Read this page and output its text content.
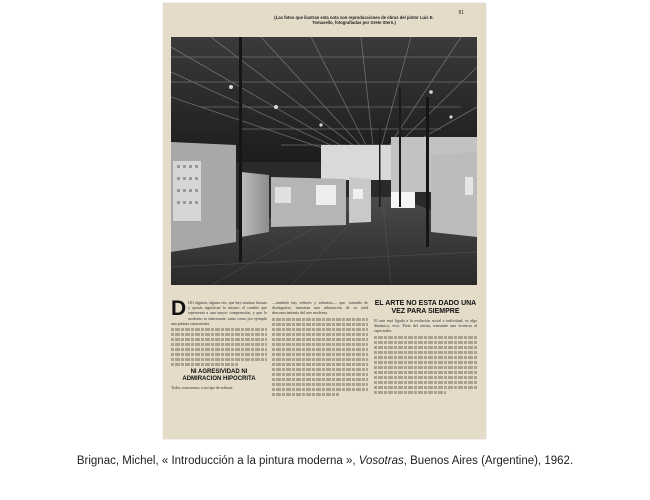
81
(Las fotos que ilustran esta nota son reproducciones de obras del pintor Luis E. Tomasello, fotografiadas por Grete Stern.)
D IJO alguien, alguna vez, que hay muchas formas y quizás significan lo mismo: el cambio que representa a una mayor comprensión, y que lo moderno es interesante, tanto como por ejemplo una pintura renacentista.
NI AGRESIVIDAD NI ADMIRACION HIPOCRITA
Todos conocemos a un tipo de señoras
—también hay señores y señoritas— que, tratando de distinguirse, muestran una admiración de su total desconocimiento del arte moderno.
EL ARTE NO ESTA DADO UNA VEZ PARA SIEMPRE
El arte está ligado a la evolución social e individual, es algo dinámico, vivo. Parte del artista, transmite una vivencia al espectador.
Brignac, Michel, « Introducción a la pintura moderna », Vosotras, Buenos Aires (Argentine), 1962.
